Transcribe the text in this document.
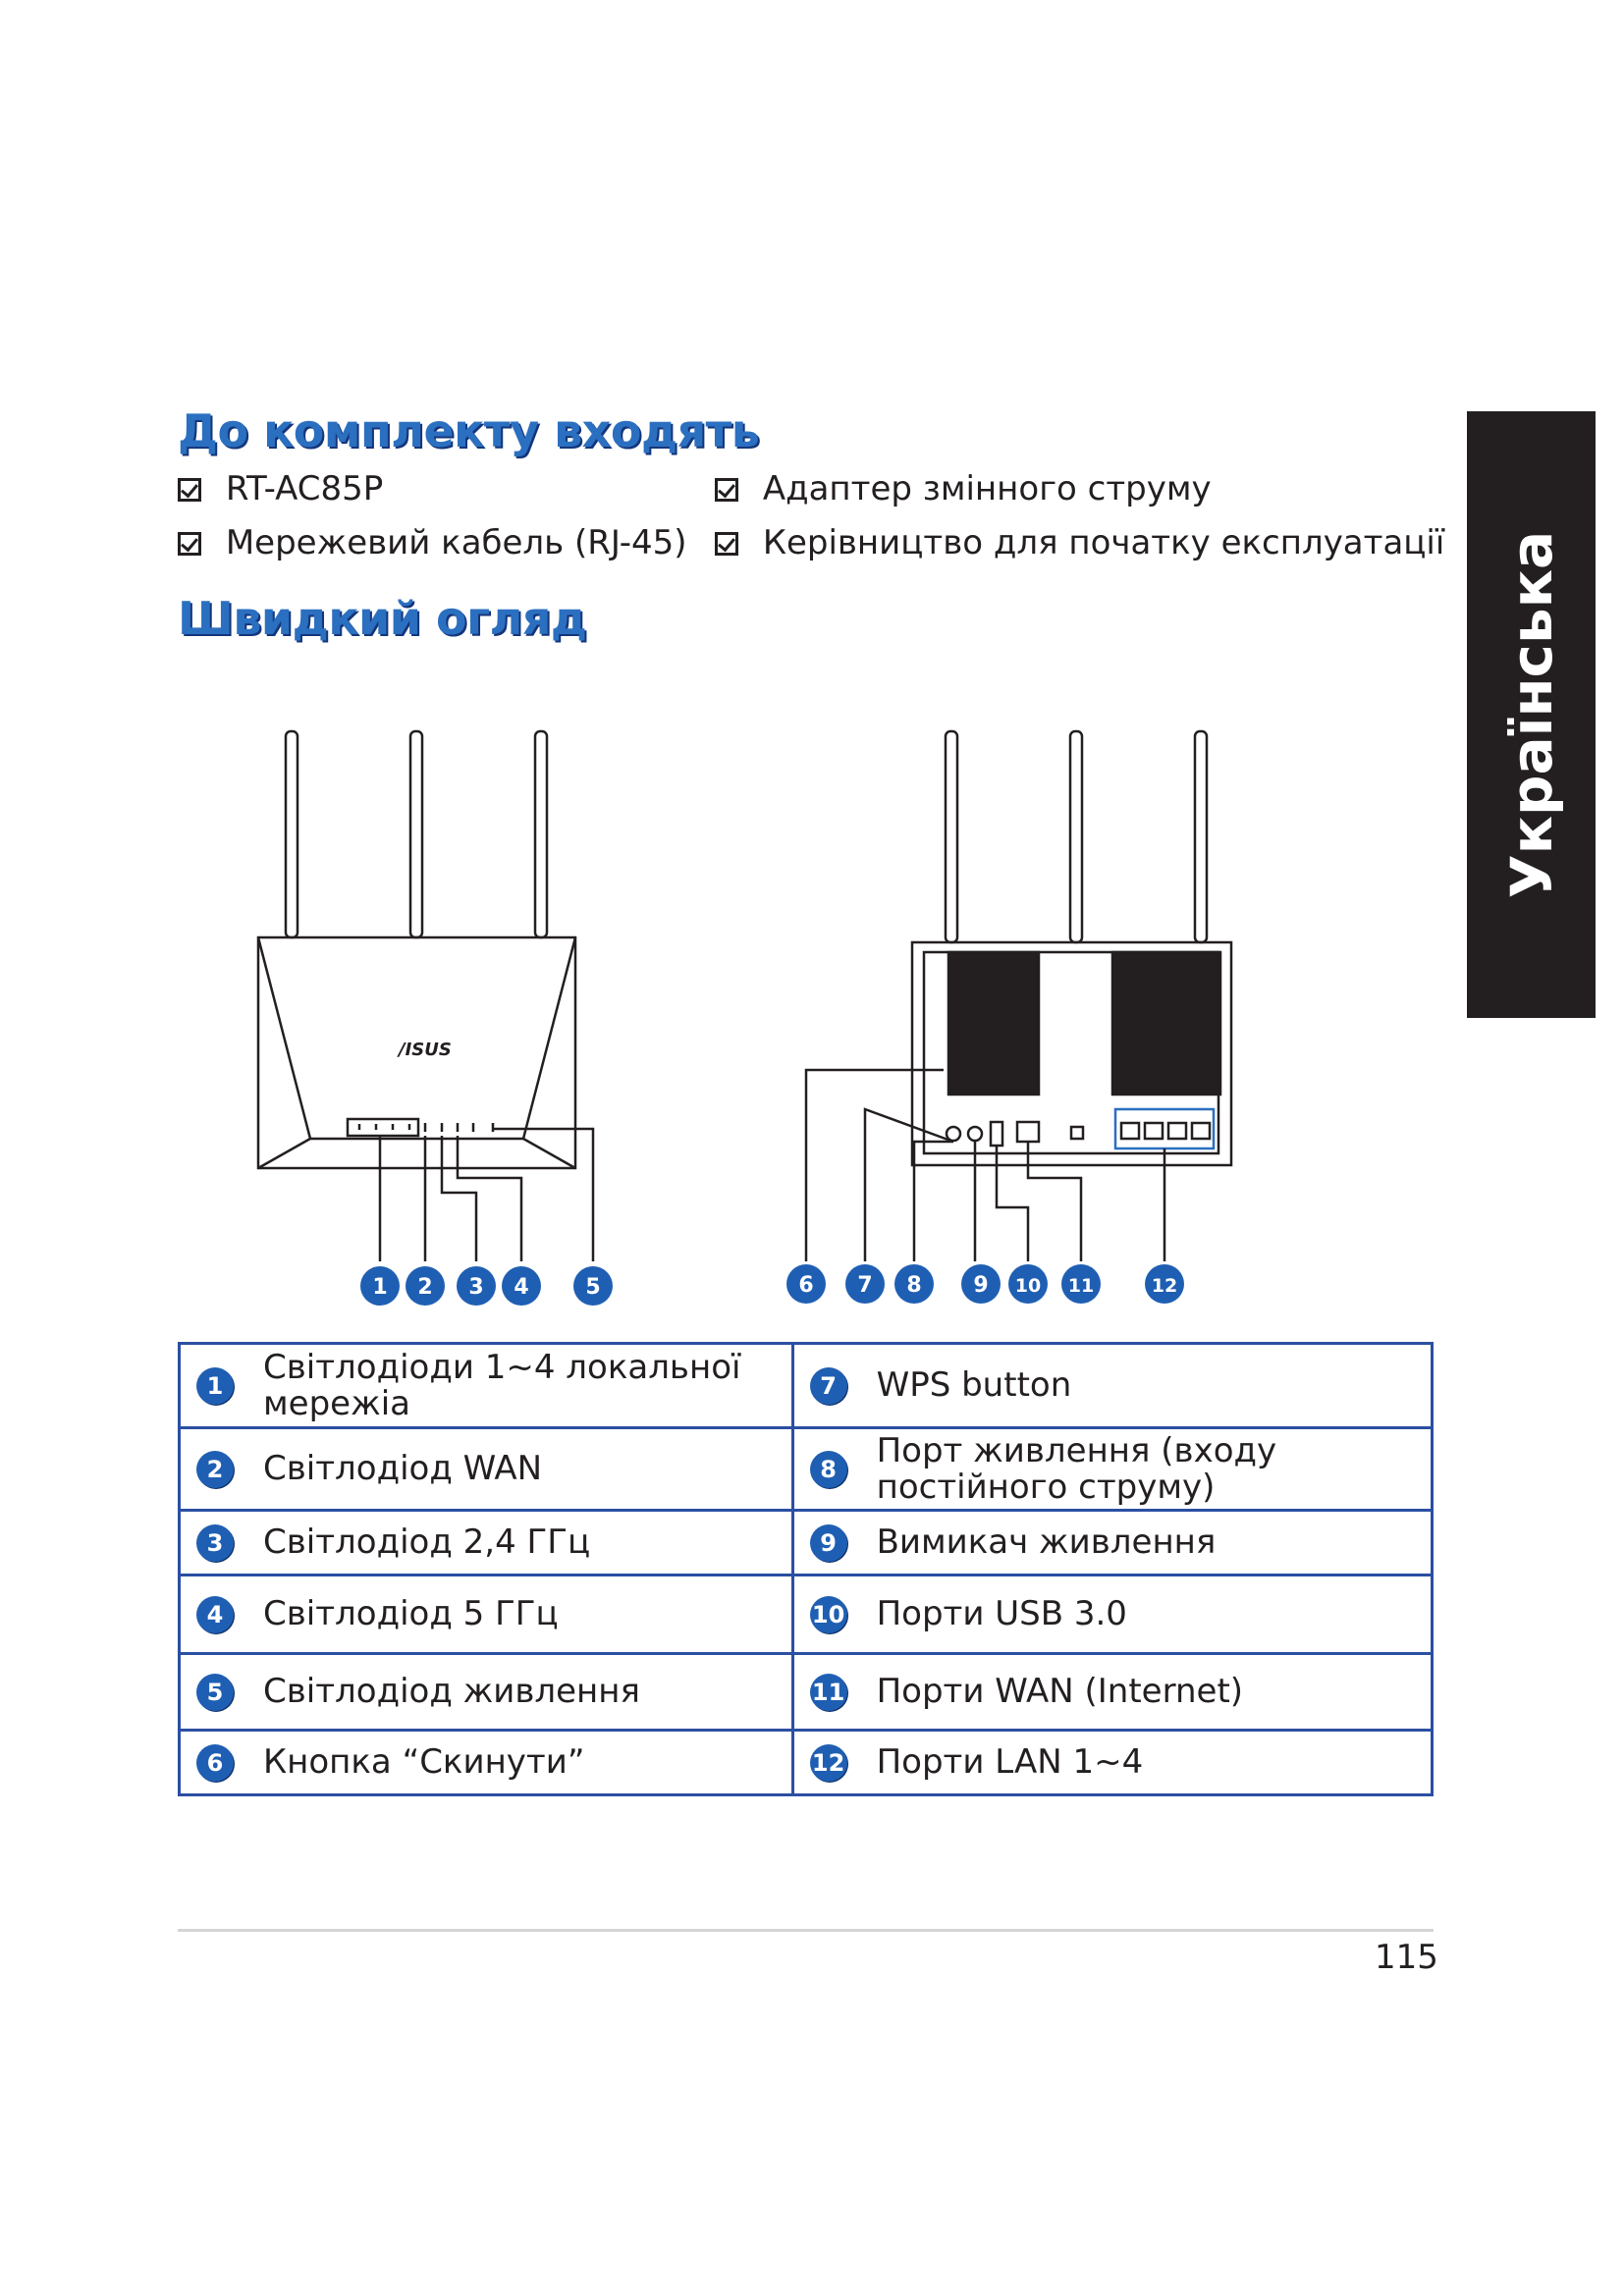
Українська
До комплекту входять
RT-AC85P	Адаптер змінного струму
Мережевий кабель (RJ-45)	Керівництво для початку експлуатації
Швидкий огляд
/ISUS
1 2 3 4	5	6 7 8 9 10 11	12
1 Світлодіоди 1~4 локальної мережіа	7 WPS button

2 Світлодіод WAN	8 Порт живлення (входу постійного струму)

3 Світлодіод 2,4 ГГц	9 Вимикач живлення

4 Світлодіод 5 ГГц	10 Порти USB 3.0

5 Світлодіод живлення	11 Порти WAN (Internet)

6 Кнопка “Скинути”	12 Порти LAN 1~4
115
